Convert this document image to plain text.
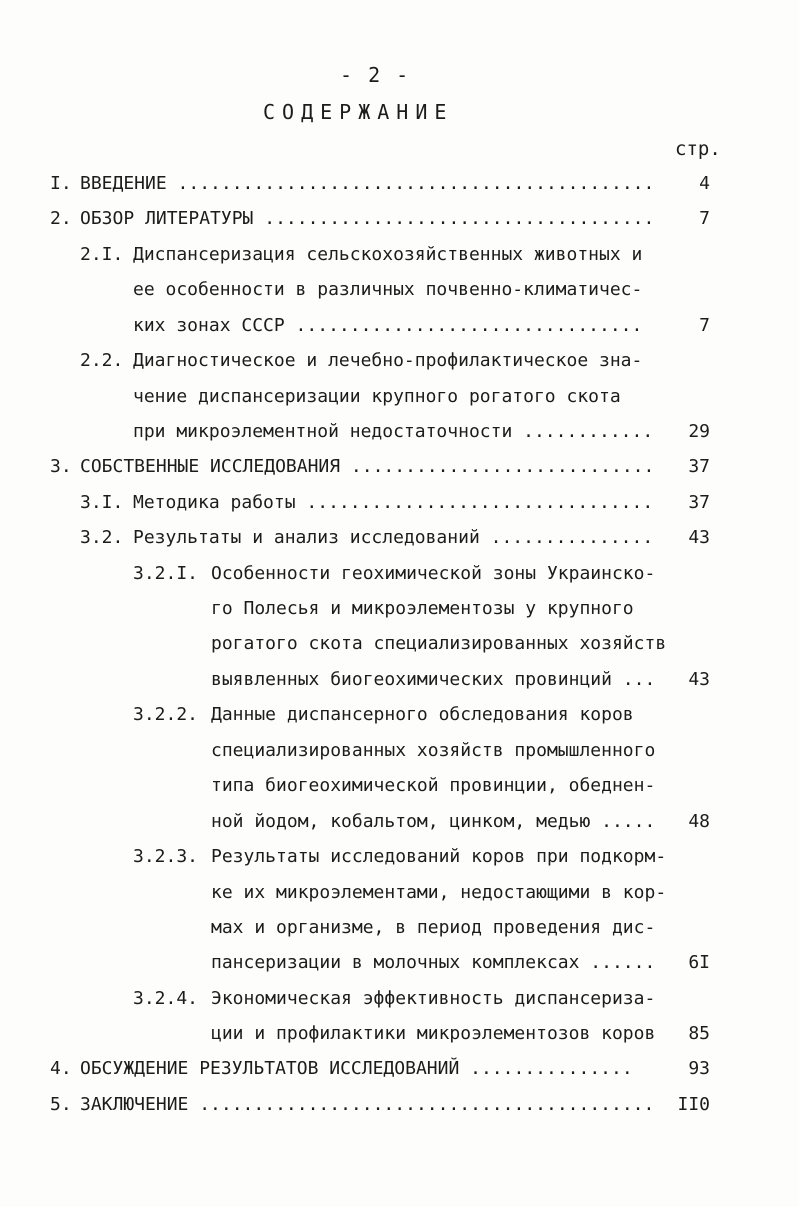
- 2 -
СОДЕРЖАНИЕ
стр.
I. ВВЕДЕНИЕ ............................................ 4
2. ОБЗОР ЛИТЕРАТУРЫ .................................... 7
2.I. Диспансеризация сельскохозяйственных животных и
ее особенности в различных почвенно-климатичес-
ких зонах СССР ................................	7
2.2. Диагностическое и лечебно-профилактическое зна-
чение диспансеризации крупного рогатого скота
при микроэлементной недостаточности ............ 29
3. СОБСТВЕННЫЕ ИССЛЕДОВАНИЯ ............................ 37
3.I. Методика работы ................................ 37
3.2. Результаты и анализ исследований ............... 43
3.2.I. Особенности геохимической зоны Украинско-
го Полесья и микроэлементозы у крупного
рогатого скота специализированных хозяйств
выявленных биогеохимических провинций ... 43
3.2.2. Данные диспансерного обследования коров
специализированных хозяйств промышленного
типа биогеохимической провинции, обеднен-
ной йодом, кобальтом, цинком, медью ..... 48
3.2.3. Результаты исследований коров при подкорм-
ке их микроэлементами, недостающими в кор-
мах и организме, в период проведения дис-
пансеризации в молочных комплексах ...... 6I
3.2.4. Экономическая эффективность диспансериза-
ции и профилактики микроэлементозов коров 85
4. ОБСУЖДЕНИЕ РЕЗУЛЬТАТОВ ИССЛЕДОВАНИЙ ...............	93
5. ЗАКЛЮЧЕНИЕ .......................................... II0
